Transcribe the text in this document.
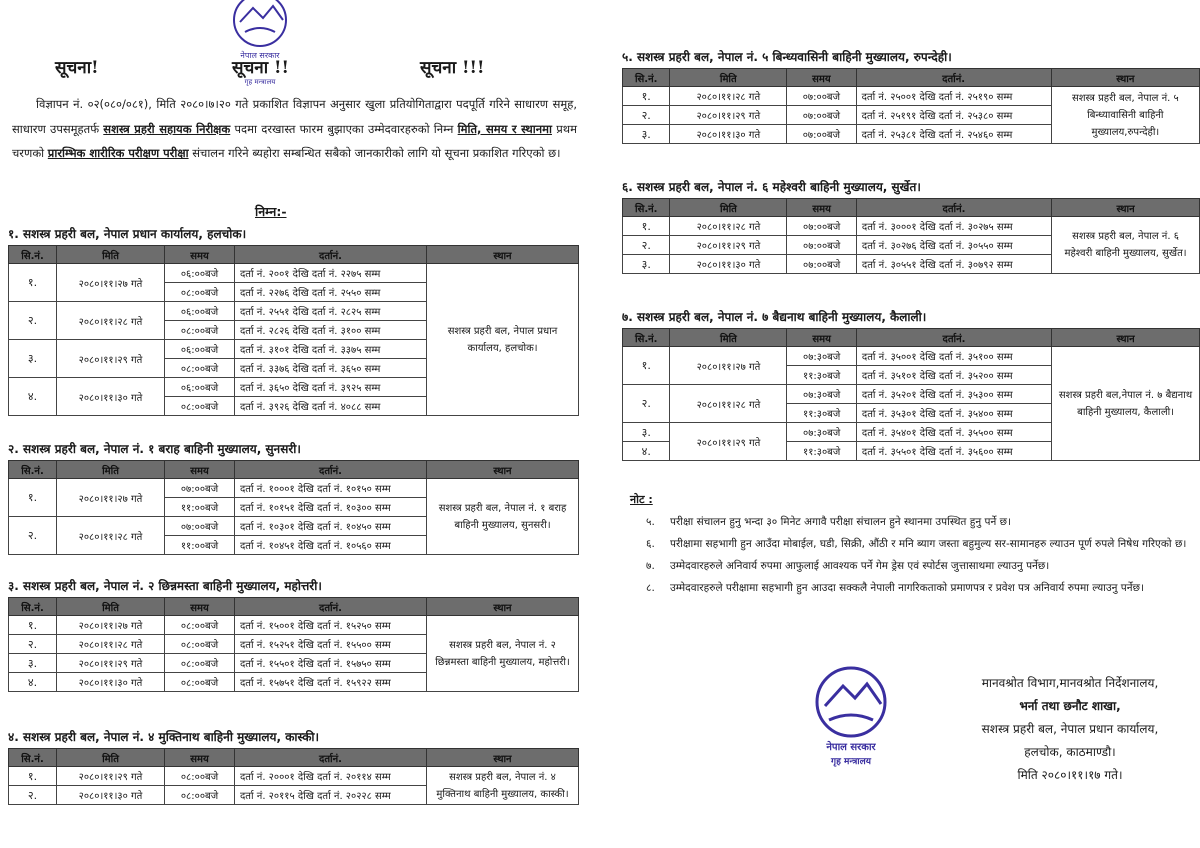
नेपाल सरकार
गृह मन्त्रालय
सूचना!	सूचना !!	सूचना !!!

विज्ञापन नं. ०२(०८०/०८१), मिति २०८०।७।२० गते प्रकाशित विज्ञापन अनुसार खुला प्रतियोगिताद्वारा पदपूर्ति गरिने साधारण समूह, साधारण उपसमूहतर्फ सशस्त्र प्रहरी सहायक निरीक्षक पदमा दरखास्त फारम बुझाएका उम्मेदवारहरुको निम्न मिति, समय र स्थानमा प्रथम चरणको प्रारम्भिक शारीरिक परीक्षण परीक्षा संचालन गरिने ब्यहोरा सम्बन्धित सबैको जानकारीको लागि यो सूचना प्रकाशित गरिएको छ।

निम्न:-
१. सशस्त्र प्रहरी बल, नेपाल प्रधान कार्यालय, हलचोक।
सि.नं.	मिति	समय	दर्तानं.	स्थान
१.	२०८०।११।२७ गते	०६:००बजे	दर्ता नं. २००१ देखि दर्ता नं. २२७५ सम्म	सशस्त्र प्रहरी बल, नेपाल प्रधान कार्यालय, हलचोक।
		०८:००बजे	दर्ता नं. २२७६ देखि दर्ता नं. २५५० सम्म	
२.	२०८०।११।२८ गते	०६:००बजे	दर्ता नं. २५५१ देखि दर्ता नं. २८२५ सम्म	
		०८:००बजे	दर्ता नं. २८२६ देखि दर्ता नं. ३१०० सम्म	
३.	२०८०।११।२९ गते	०६:००बजे	दर्ता नं. ३१०१ देखि दर्ता नं. ३३७५ सम्म	
		०८:००बजे	दर्ता नं. ३३७६ देखि दर्ता नं. ३६५० सम्म	
४.	२०८०।११।३० गते	०६:००बजे	दर्ता नं. ३६५० देखि दर्ता नं. ३९२५ सम्म	
		०८:००बजे	दर्ता नं. ३९२६ देखि दर्ता नं. ४०८८ सम्म	
२. सशस्त्र प्रहरी बल, नेपाल नं. १ बराह बाहिनी मुख्यालय, सुनसरी।
सि.नं.	मिति	समय	दर्तानं.	स्थान
१.	२०८०।११।२७ गते	०७:००बजे	दर्ता नं. १०००१ देखि दर्ता नं. १०१५० सम्म	सशस्त्र प्रहरी बल, नेपाल नं. १ बराह बाहिनी मुख्यालय, सुनसरी।
		११:००बजे	दर्ता नं. १०१५१ देखि दर्ता नं. १०३०० सम्म	
२.	२०८०।११।२८ गते	०७:००बजे	दर्ता नं. १०३०१ देखि दर्ता नं. १०४५० सम्म	
		११:००बजे	दर्ता नं. १०४५१ देखि दर्ता नं. १०५६० सम्म	
३. सशस्त्र प्रहरी बल, नेपाल नं. २ छिन्नमस्ता बाहिनी मुख्यालय, महोत्तरी।
सि.नं.	मिति	समय	दर्तानं.	स्थान
१.	२०८०।११।२७ गते	०८:००बजे	दर्ता नं. १५००१ देखि दर्ता नं. १५२५० सम्म	सशस्त्र प्रहरी बल, नेपाल नं. २ छिन्नमस्ता बाहिनी मुख्यालय, महोत्तरी।
२.	२०८०।११।२८ गते	०८:००बजे	दर्ता नं. १५२५१ देखि दर्ता नं. १५५०० सम्म	
३.	२०८०।११।२९ गते	०८:००बजे	दर्ता नं. १५५०१ देखि दर्ता नं. १५७५० सम्म	
४.	२०८०।११।३० गते	०८:००बजे	दर्ता नं. १५७५१ देखि दर्ता नं. १५९२२ सम्म	
४. सशस्त्र प्रहरी बल, नेपाल नं. ४ मुक्तिनाथ बाहिनी मुख्यालय, कास्की।
सि.नं.	मिति	समय	दर्तानं.	स्थान
१.	२०८०।११।२९ गते	०८:००बजे	दर्ता नं. २०००१ देखि दर्ता नं. २०११४ सम्म	सशस्त्र प्रहरी बल, नेपाल नं. ४ मुक्तिनाथ बाहिनी मुख्यालय, कास्की।
२.	२०८०।११।३० गते	०८:००बजे	दर्ता नं. २०११५ देखि दर्ता नं. २०२२८ सम्म	
५. सशस्त्र प्रहरी बल, नेपाल नं. ५ बिन्ध्यवासिनी बाहिनी मुख्यालय, रुपन्देही।
सि.नं.	मिति	समय	दर्तानं.	स्थान
१.	२०८०।११।२८ गते	०७:००बजे	दर्ता नं. २५००१ देखि दर्ता नं. २५१९० सम्म	सशस्त्र प्रहरी बल, नेपाल नं. ५ बिन्ध्यावासिनी बाहिनी मुख्यालय,रुपन्देही।
२.	२०८०।११।२९ गते	०७:००बजे	दर्ता नं. २५१९१ देखि दर्ता नं. २५३८० सम्म	
३.	२०८०।११।३० गते	०७:००बजे	दर्ता नं. २५३८१ देखि दर्ता नं. २५४६० सम्म	
६. सशस्त्र प्रहरी बल, नेपाल नं. ६ महेश्वरी बाहिनी मुख्यालय, सुर्खेत।
सि.नं.	मिति	समय	दर्तानं.	स्थान
१.	२०८०।११।२८ गते	०७:००बजे	दर्ता नं. ३०००१ देखि दर्ता नं. ३०२७५ सम्म	सशस्त्र प्रहरी बल, नेपाल नं. ६ महेश्वरी बाहिनी मुख्यालय, सुर्खेत।
२.	२०८०।११।२९ गते	०७:००बजे	दर्ता नं. ३०२७६ देखि दर्ता नं. ३०५५० सम्म	
३.	२०८०।११।३० गते	०७:००बजे	दर्ता नं. ३०५५१ देखि दर्ता नं. ३०७९२ सम्म	
७. सशस्त्र प्रहरी बल, नेपाल नं. ७ बैद्यनाथ बाहिनी मुख्यालय, कैलाली।
सि.नं.	मिति	समय	दर्तानं.	स्थान
१.	२०८०।११।२७ गते	०७:३०बजे	दर्ता नं. ३५००१ देखि दर्ता नं. ३५१०० सम्म	सशस्त्र प्रहरी बल,नेपाल नं. ७ बैद्यनाथ बाहिनी मुख्यालय, कैलाली।
		११:३०बजे	दर्ता नं. ३५१०१ देखि दर्ता नं. ३५२०० सम्म	
२.	२०८०।११।२८ गते	०७:३०बजे	दर्ता नं. ३५२०१ देखि दर्ता नं. ३५३०० सम्म	
		११:३०बजे	दर्ता नं. ३५३०१ देखि दर्ता नं. ३५४०० सम्म	
३.	२०८०।११।२९ गते	०७:३०बजे	दर्ता नं. ३५४०१ देखि दर्ता नं. ३५५०० सम्म	
४.		११:३०बजे	दर्ता नं. ३५५०१ देखि दर्ता नं. ३५६०० सम्म	
नोट :
५.	परीक्षा संचालन हुनु भन्दा ३० मिनेट अगावै परीक्षा संचालन हुने स्थानमा उपस्थित हुनु पर्ने छ।
६.	परीक्षामा सहभागी हुन आउँदा मोबाईल, घडी, सिक्री, औंठी र मनि ब्याग जस्ता बहुमुल्य सर-सामानहरु ल्याउन पूर्ण रुपले निषेध गरिएको छ।
७.	उम्मेदवारहरुले अनिवार्य रुपमा आफुलाई आवश्यक पर्ने गेम ड्रेस एवं स्पोर्टस जुत्तासाथमा ल्याउनु पर्नेछ।
८.	उम्मेदवारहरुले परीक्षामा सहभागी हुन आउदा सक्कलै नेपाली नागरिकताको प्रमाणपत्र र प्रवेश पत्र अनिवार्य रुपमा ल्याउनु पर्नेछ।
नेपाल सरकार
गृह मन्त्रालय
मानवश्रोत विभाग,मानवश्रोत निर्देशनालय,
भर्ना तथा छनौट शाखा,
सशस्त्र प्रहरी बल, नेपाल प्रधान कार्यालय,
हलचोक, काठमाण्डौ।
मिति २०८०।११।१७ गते।
